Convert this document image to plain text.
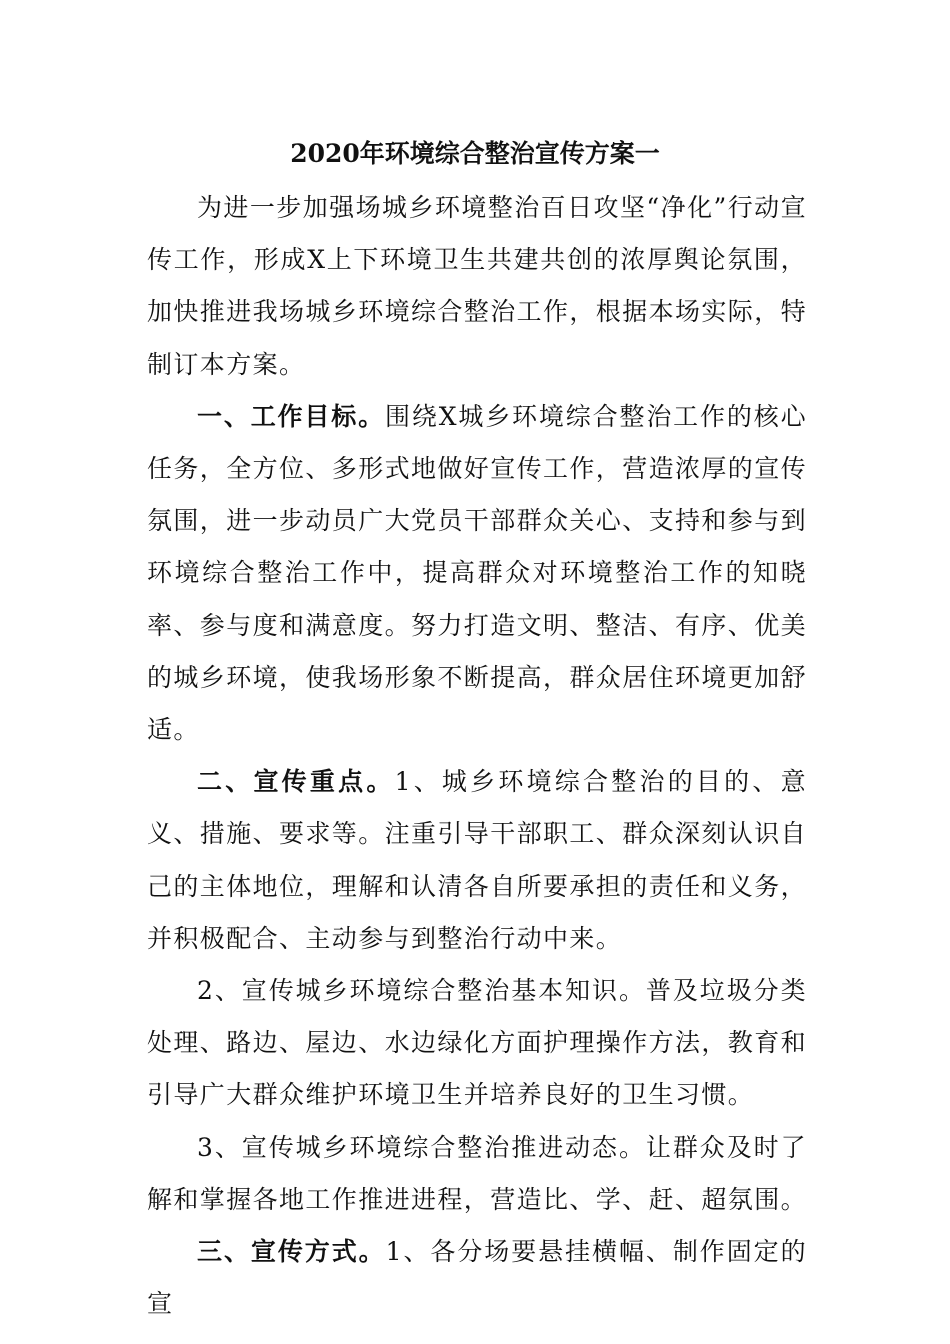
2020年环境综合整治宣传方案一

为进一步加强场城乡环境整治百日攻坚“净化”行动宣传工作，形成X上下环境卫生共建共创的浓厚舆论氛围，加快推进我场城乡环境综合整治工作，根据本场实际，特制订本方案。

一、工作目标。围绕X城乡环境综合整治工作的核心任务，全方位、多形式地做好宣传工作，营造浓厚的宣传氛围，进一步动员广大党员干部群众关心、支持和参与到环境综合整治工作中，提高群众对环境整治工作的知晓率、参与度和满意度。努力打造文明、整洁、有序、优美的城乡环境，使我场形象不断提高，群众居住环境更加舒适。

二、宣传重点。1、城乡环境综合整治的目的、意义、措施、要求等。注重引导干部职工、群众深刻认识自己的主体地位，理解和认清各自所要承担的责任和义务，并积极配合、主动参与到整治行动中来。

2、宣传城乡环境综合整治基本知识。普及垃圾分类处理、路边、屋边、水边绿化方面护理操作方法，教育和引导广大群众维护环境卫生并培养良好的卫生习惯。

3、宣传城乡环境综合整治推进动态。让群众及时了解和掌握各地工作推进进程，营造比、学、赶、超氛围。

三、宣传方式。1、各分场要悬挂横幅、制作固定的宣
